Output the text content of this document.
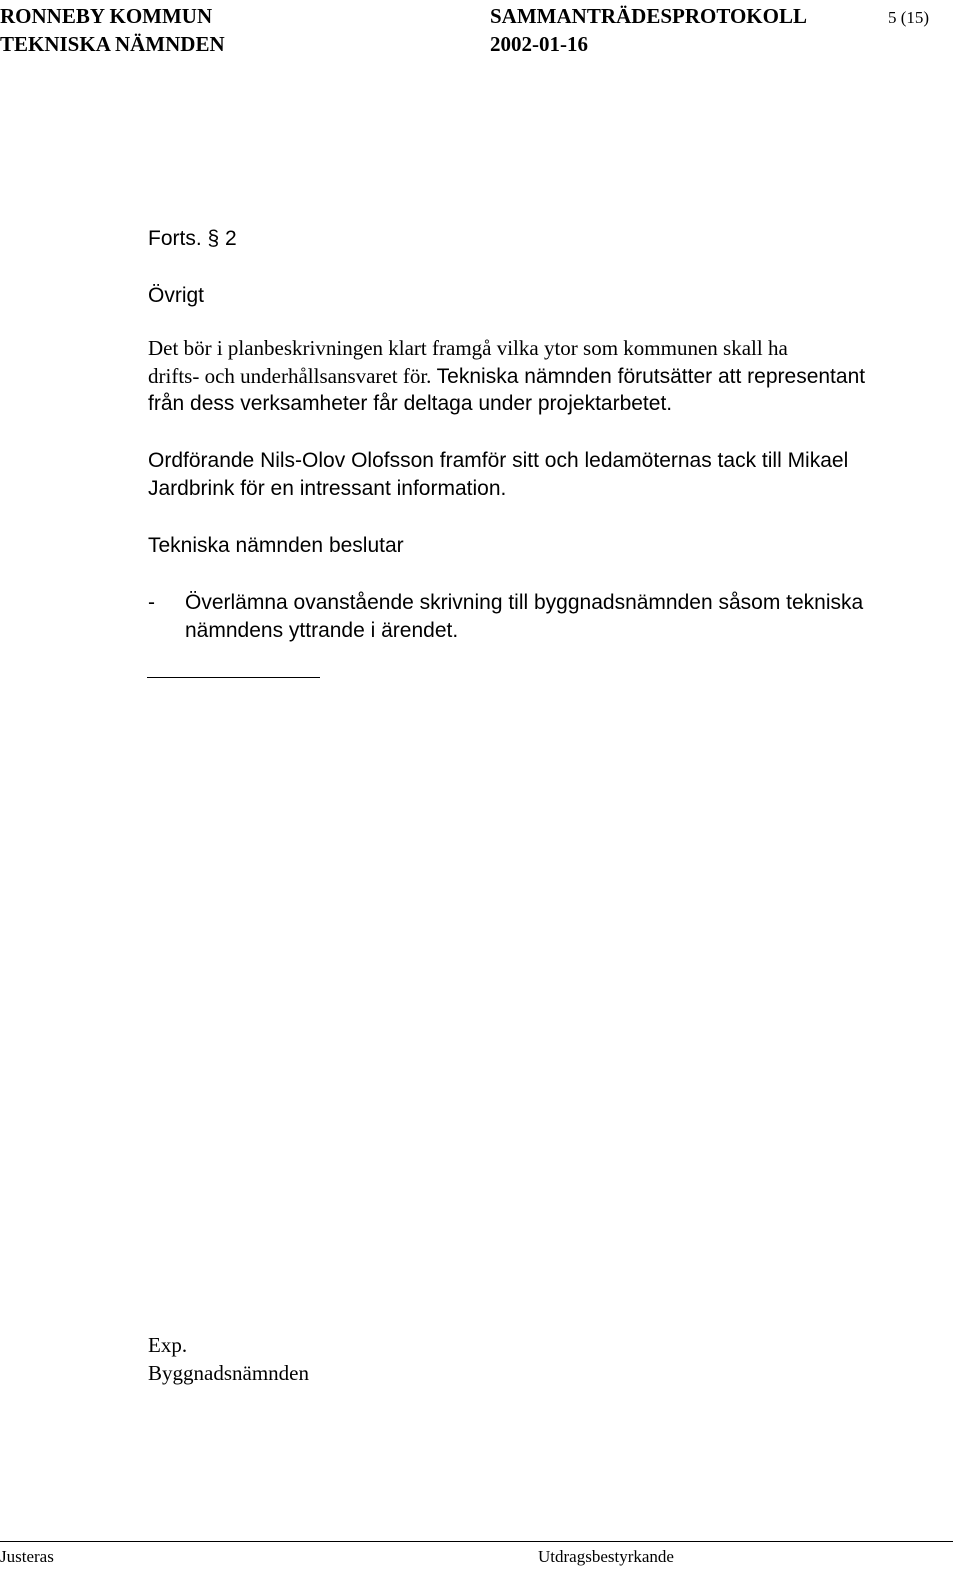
RONNEBY KOMMUN
TEKNISKA NÄMNDEN
SAMMANTRÄDESPROTOKOLL
2002-01-16
5 (15)
Forts. § 2
Övrigt
Det bör i planbeskrivningen klart framgå vilka ytor som kommunen skall ha
drifts- och underhållsansvaret för. Tekniska nämnden förutsätter att representant
från dess verksamheter får deltaga under projektarbetet.
Ordförande Nils-Olov Olofsson framför sitt och ledamöternas tack till Mikael
Jardbrink för en intressant information.
Tekniska nämnden beslutar
- Överlämna ovanstående skrivning till byggnadsnämnden såsom tekniska
nämndens yttrande i ärendet.
Exp.
Byggnadsnämnden
Justeras	Utdragsbestyrkande
